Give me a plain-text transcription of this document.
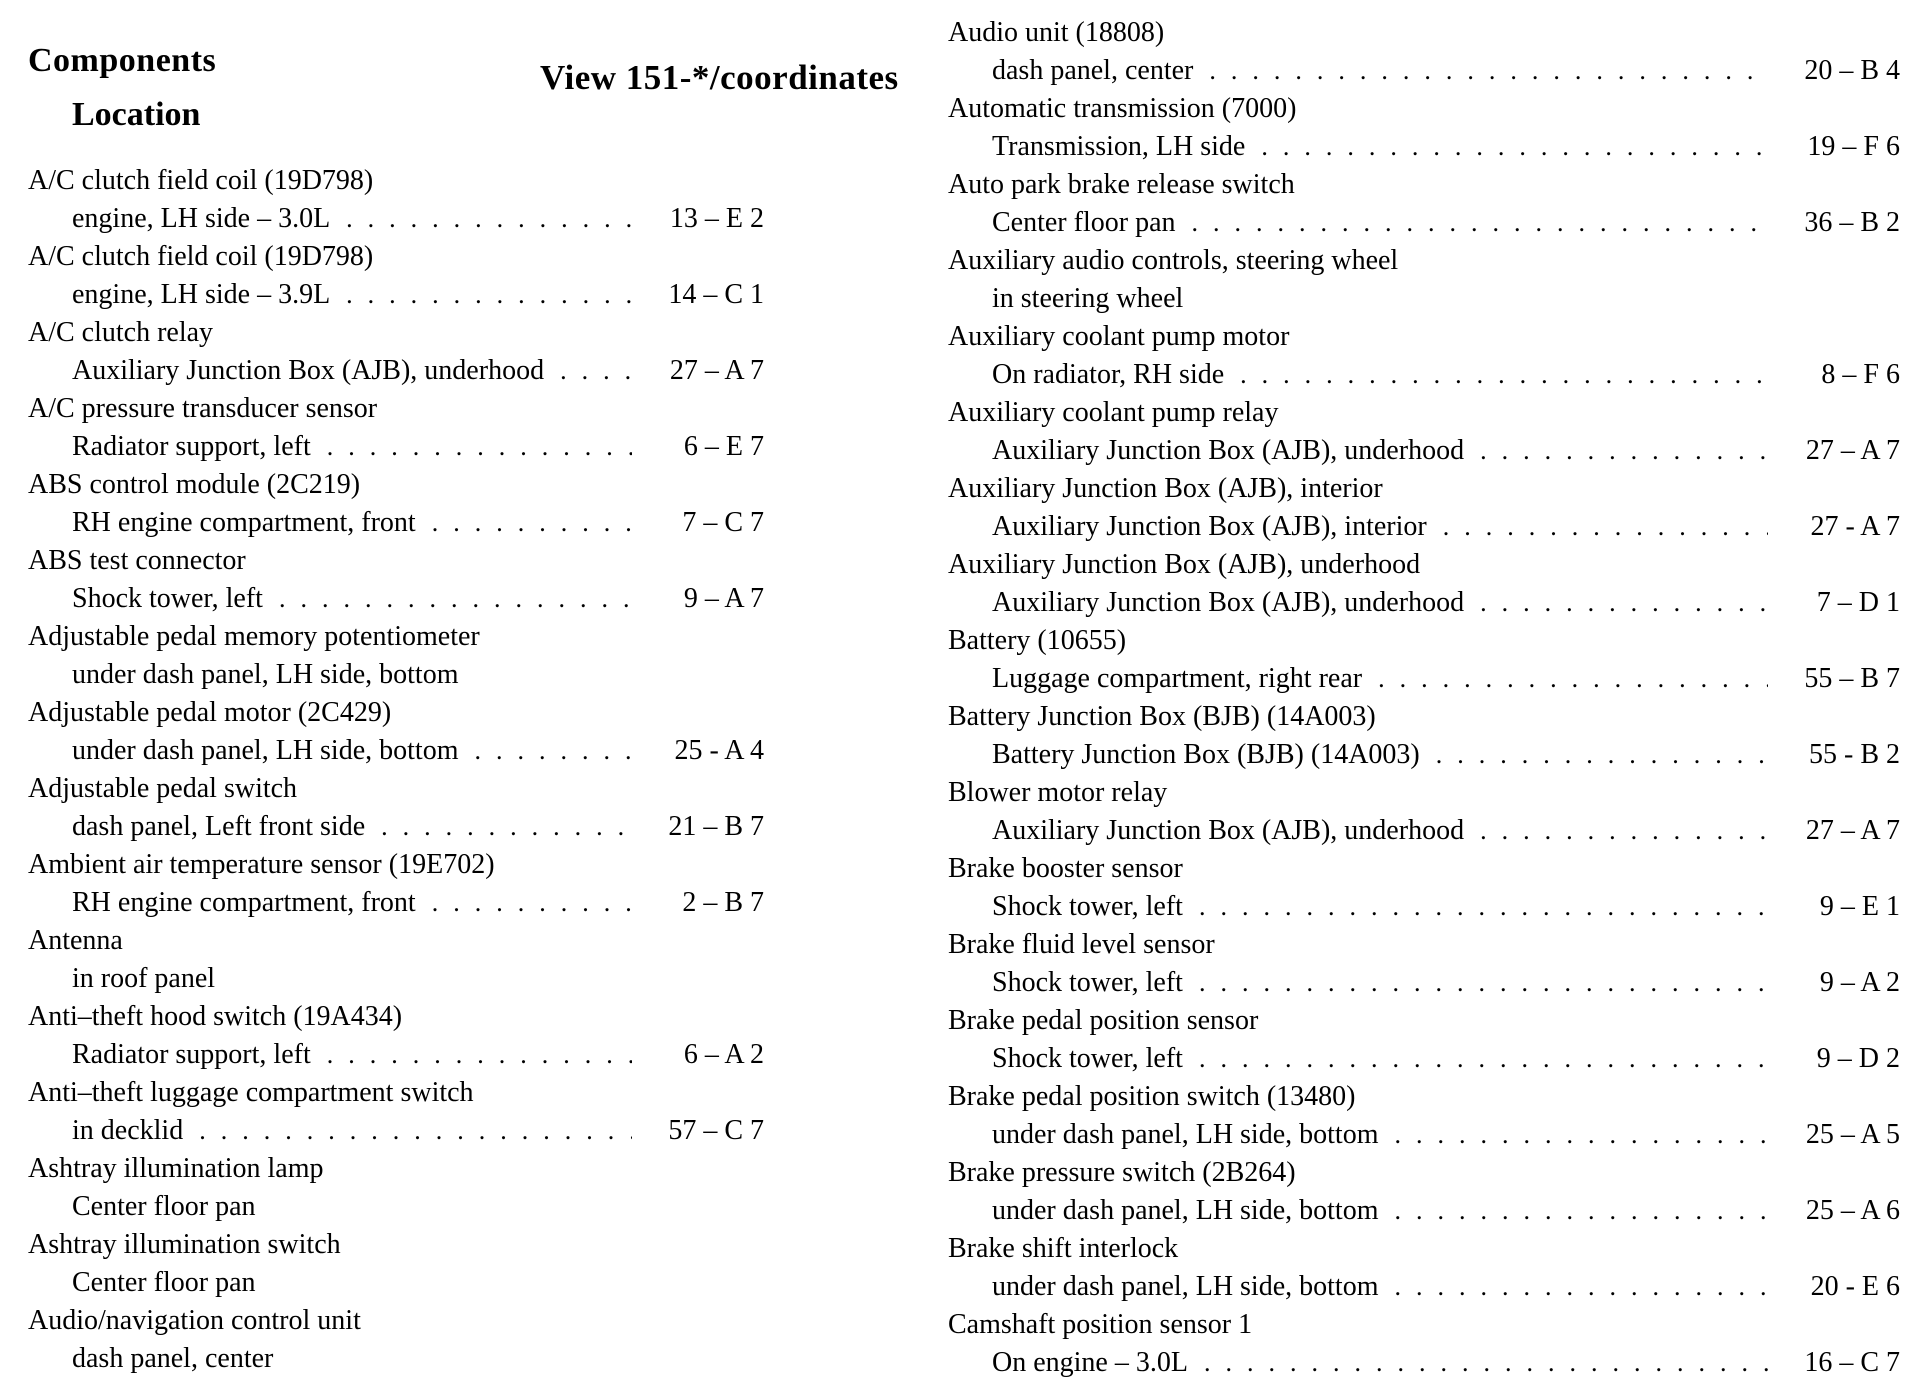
View 151-*/coordinates
Components
Location
A/C clutch field coil (19D798)
engine, LH side – 3.0L .....	13 – E 2
A/C clutch field coil (19D798)
engine, LH side – 3.9L .....	14 – C 1
A/C clutch relay
Auxiliary Junction Box (AJB), underhood .....	27 – A 7
A/C pressure transducer sensor
Radiator support, left .....	6 – E 7
ABS control module (2C219)
RH engine compartment, front .....	7 – C 7
ABS test connector
Shock tower, left .....	9 – A 7
Adjustable pedal memory potentiometer
under dash panel, LH side, bottom
Adjustable pedal motor (2C429)
under dash panel, LH side, bottom .....	25 - A 4
Adjustable pedal switch
dash panel, Left front side .....	21 – B 7
Ambient air temperature sensor (19E702)
RH engine compartment, front .....	2 – B 7
Antenna
in roof panel
Anti–theft hood switch (19A434)
Radiator support, left .....	6 – A 2
Anti–theft luggage compartment switch
in decklid .....	57 – C 7
Ashtray illumination lamp
Center floor pan
Ashtray illumination switch
Center floor pan
Audio/navigation control unit
dash panel, center
Audio unit (18808)
dash panel, center .....	20 – B 4
Automatic transmission (7000)
Transmission, LH side .....	19 – F 6
Auto park brake release switch
Center floor pan .....	36 – B 2
Auxiliary audio controls, steering wheel
in steering wheel
Auxiliary coolant pump motor
On radiator, RH side .....	8 – F 6
Auxiliary coolant pump relay
Auxiliary Junction Box (AJB), underhood .....	27 – A 7
Auxiliary Junction Box (AJB), interior
Auxiliary Junction Box (AJB), interior .....	27 - A 7
Auxiliary Junction Box (AJB), underhood
Auxiliary Junction Box (AJB), underhood .....	7 – D 1
Battery (10655)
Luggage compartment, right rear .....	55 – B 7
Battery Junction Box (BJB) (14A003)
Battery Junction Box (BJB) (14A003) .....	55 - B 2
Blower motor relay
Auxiliary Junction Box (AJB), underhood .....	27 – A 7
Brake booster sensor
Shock tower, left .....	9 – E 1
Brake fluid level sensor
Shock tower, left .....	9 – A 2
Brake pedal position sensor
Shock tower, left .....	9 – D 2
Brake pedal position switch (13480)
under dash panel, LH side, bottom .....	25 – A 5
Brake pressure switch (2B264)
under dash panel, LH side, bottom .....	25 – A 6
Brake shift interlock
under dash panel, LH side, bottom .....	20 - E 6
Camshaft position sensor 1
On engine – 3.0L .....	16 – C 7
